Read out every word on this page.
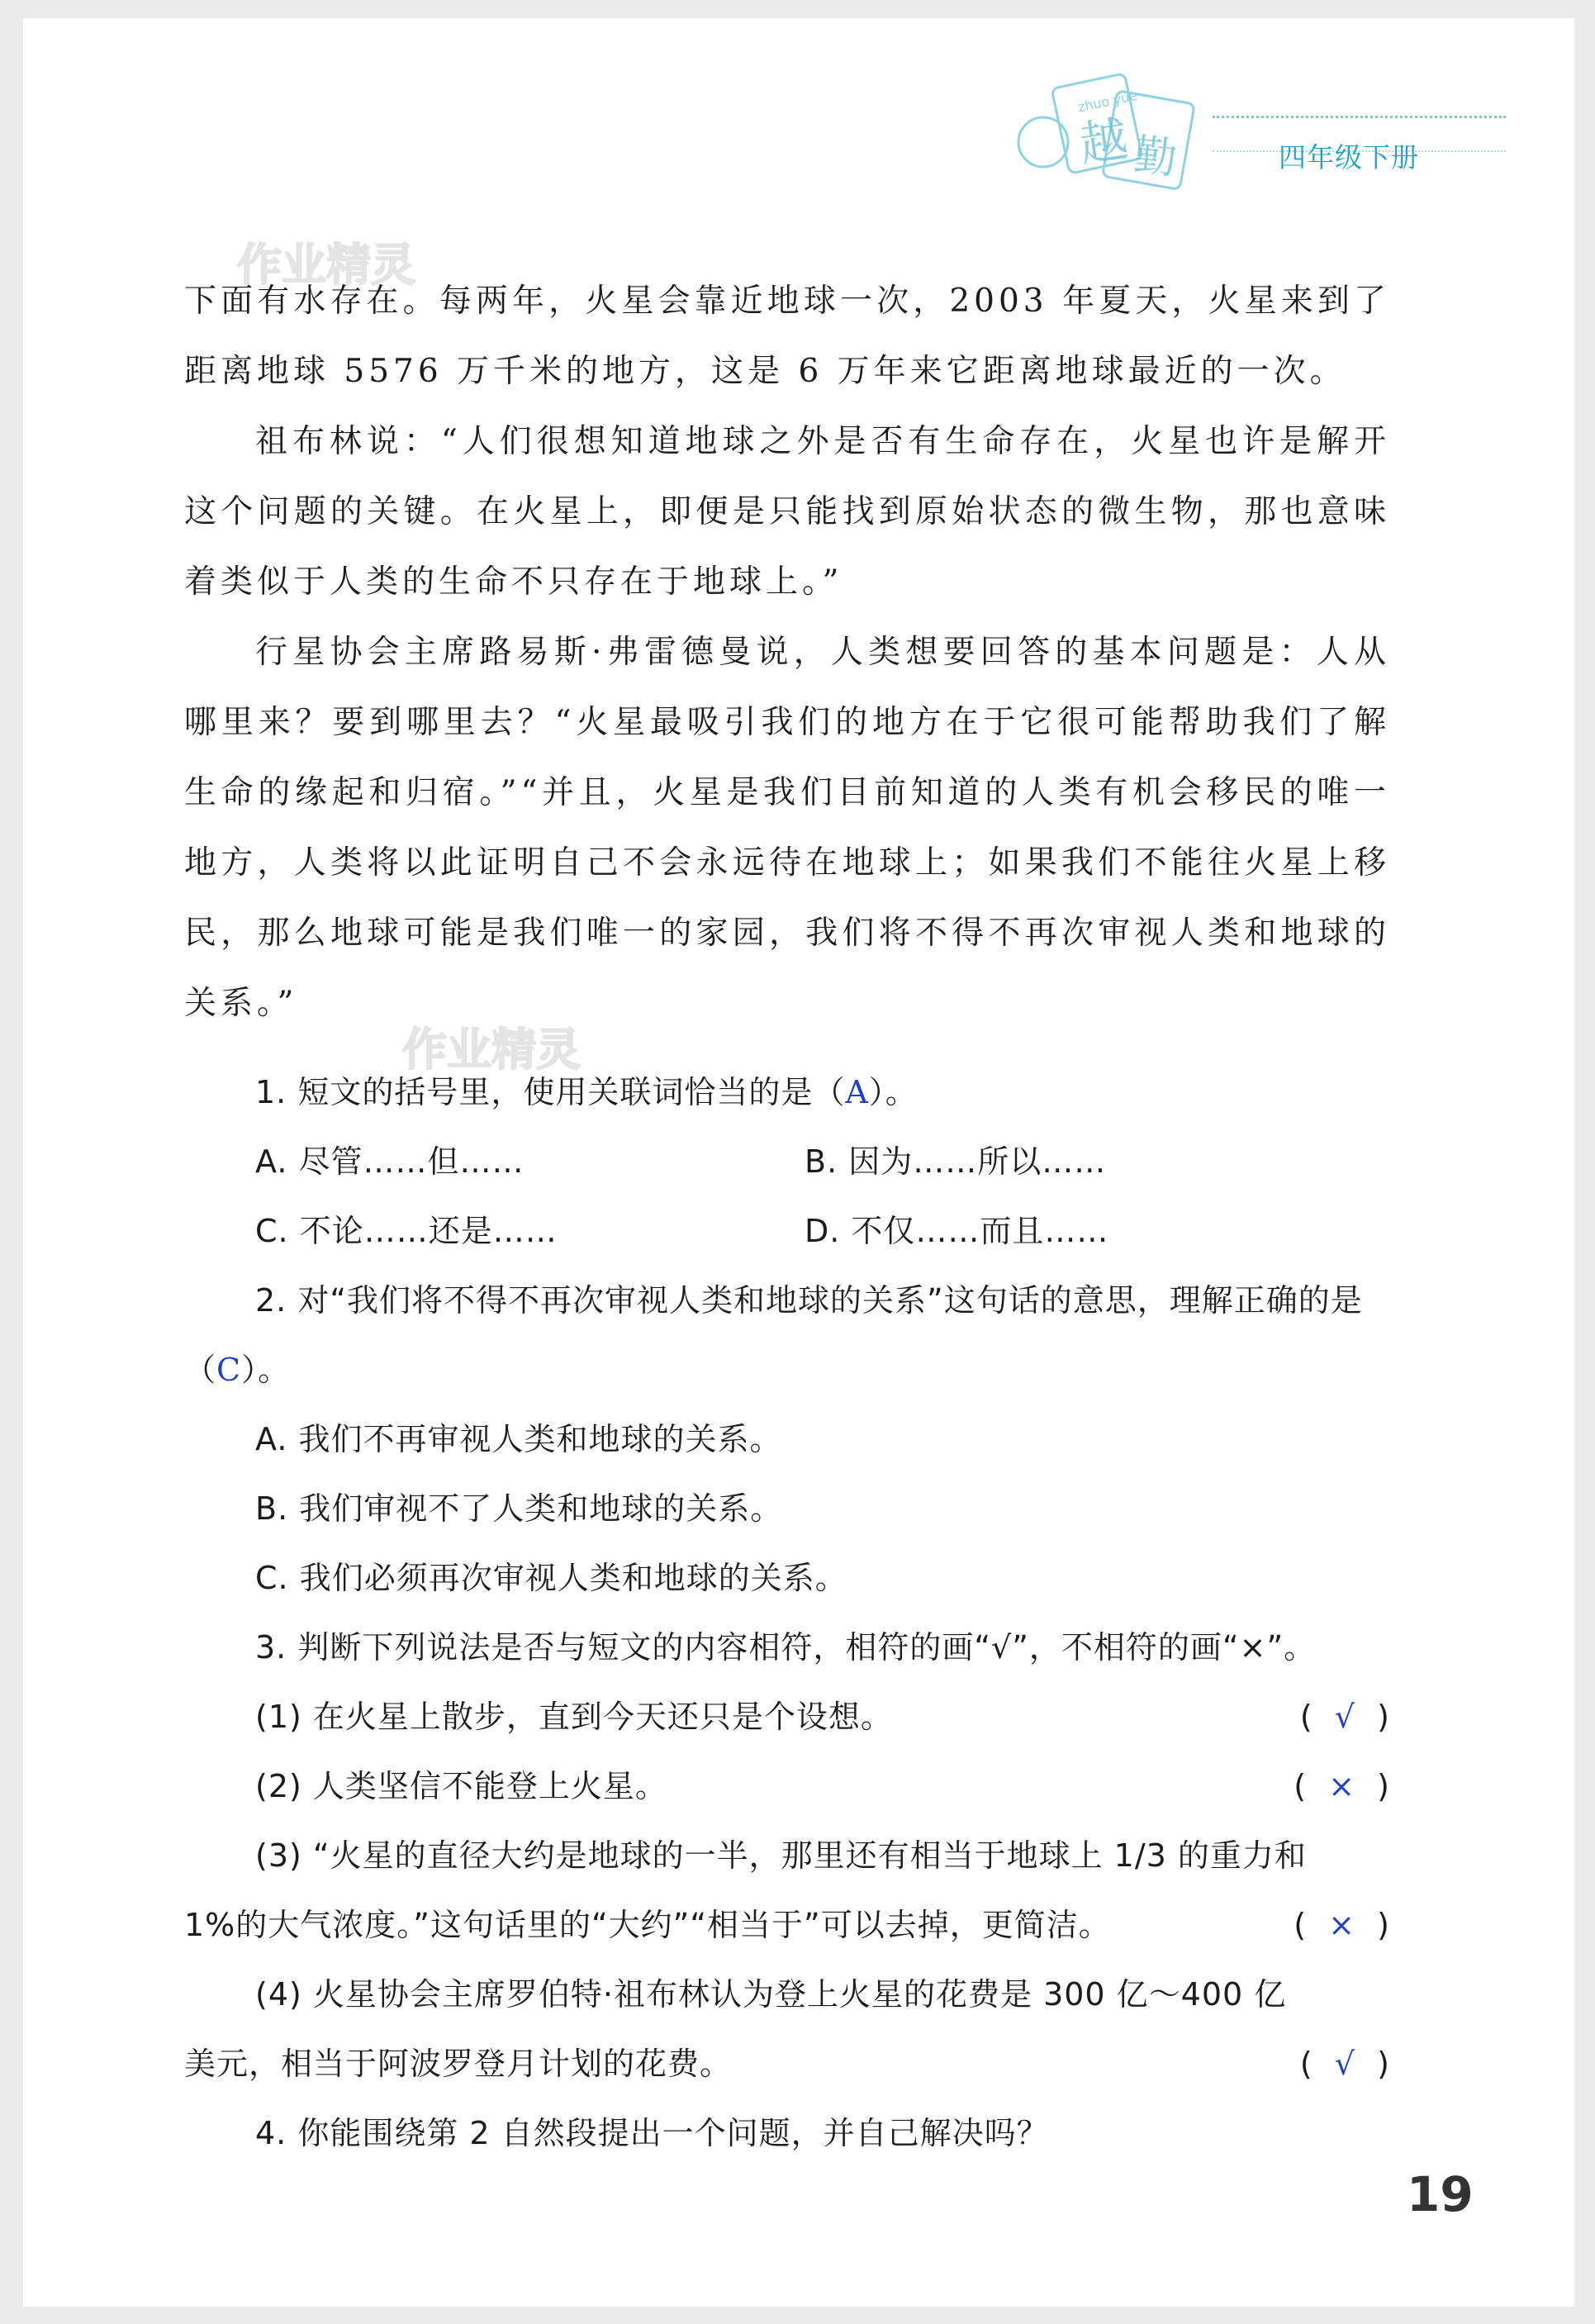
越 勤
zhuo yue
四年级下册
作业精灵
作业精灵

下面有水存在。每两年，火星会靠近地球一次，2003 年夏天，火星来到了距离地球 5576 万千米的地方，这是 6 万年来它距离地球最近的一次。

祖布林说：“人们很想知道地球之外是否有生命存在，火星也许是解开这个问题的关键。在火星上，即便是只能找到原始状态的微生物，那也意味着类似于人类的生命不只存在于地球上。”

行星协会主席路易斯·弗雷德曼说，人类想要回答的基本问题是：人从哪里来？要到哪里去？“火星最吸引我们的地方在于它很可能帮助我们了解生命的缘起和归宿。”“并且，火星是我们目前知道的人类有机会移民的唯一地方，人类将以此证明自己不会永远待在地球上；如果我们不能往火星上移民，那么地球可能是我们唯一的家园，我们将不得不再次审视人类和地球的关系。”

1. 短文的括号里，使用关联词恰当的是（A）。

A. 尽管……但……	B. 因为……所以……
C. 不论……还是……	D. 不仅……而且……

2. 对“我们将不得不再次审视人类和地球的关系”这句话的意思，理解正确的是（C）。

A. 我们不再审视人类和地球的关系。

B. 我们审视不了人类和地球的关系。

C. 我们必须再次审视人类和地球的关系。

3. 判断下列说法是否与短文的内容相符，相符的画“√”，不相符的画“×”。

(1) 在火星上散步，直到今天还只是个设想。	(  √  )
(2) 人类坚信不能登上火星。	(  ×  )

(3) “火星的直径大约是地球的一半，那里还有相当于地球上 1/3 的重力和

1%的大气浓度。”这句话里的“大约”“相当于”可以去掉，更简洁。	(  ×  )

(4) 火星协会主席罗伯特·祖布林认为登上火星的花费是 300 亿～400 亿

美元，相当于阿波罗登月计划的花费。	(  √  )

4. 你能围绕第 2 自然段提出一个问题，并自己解决吗？

19
